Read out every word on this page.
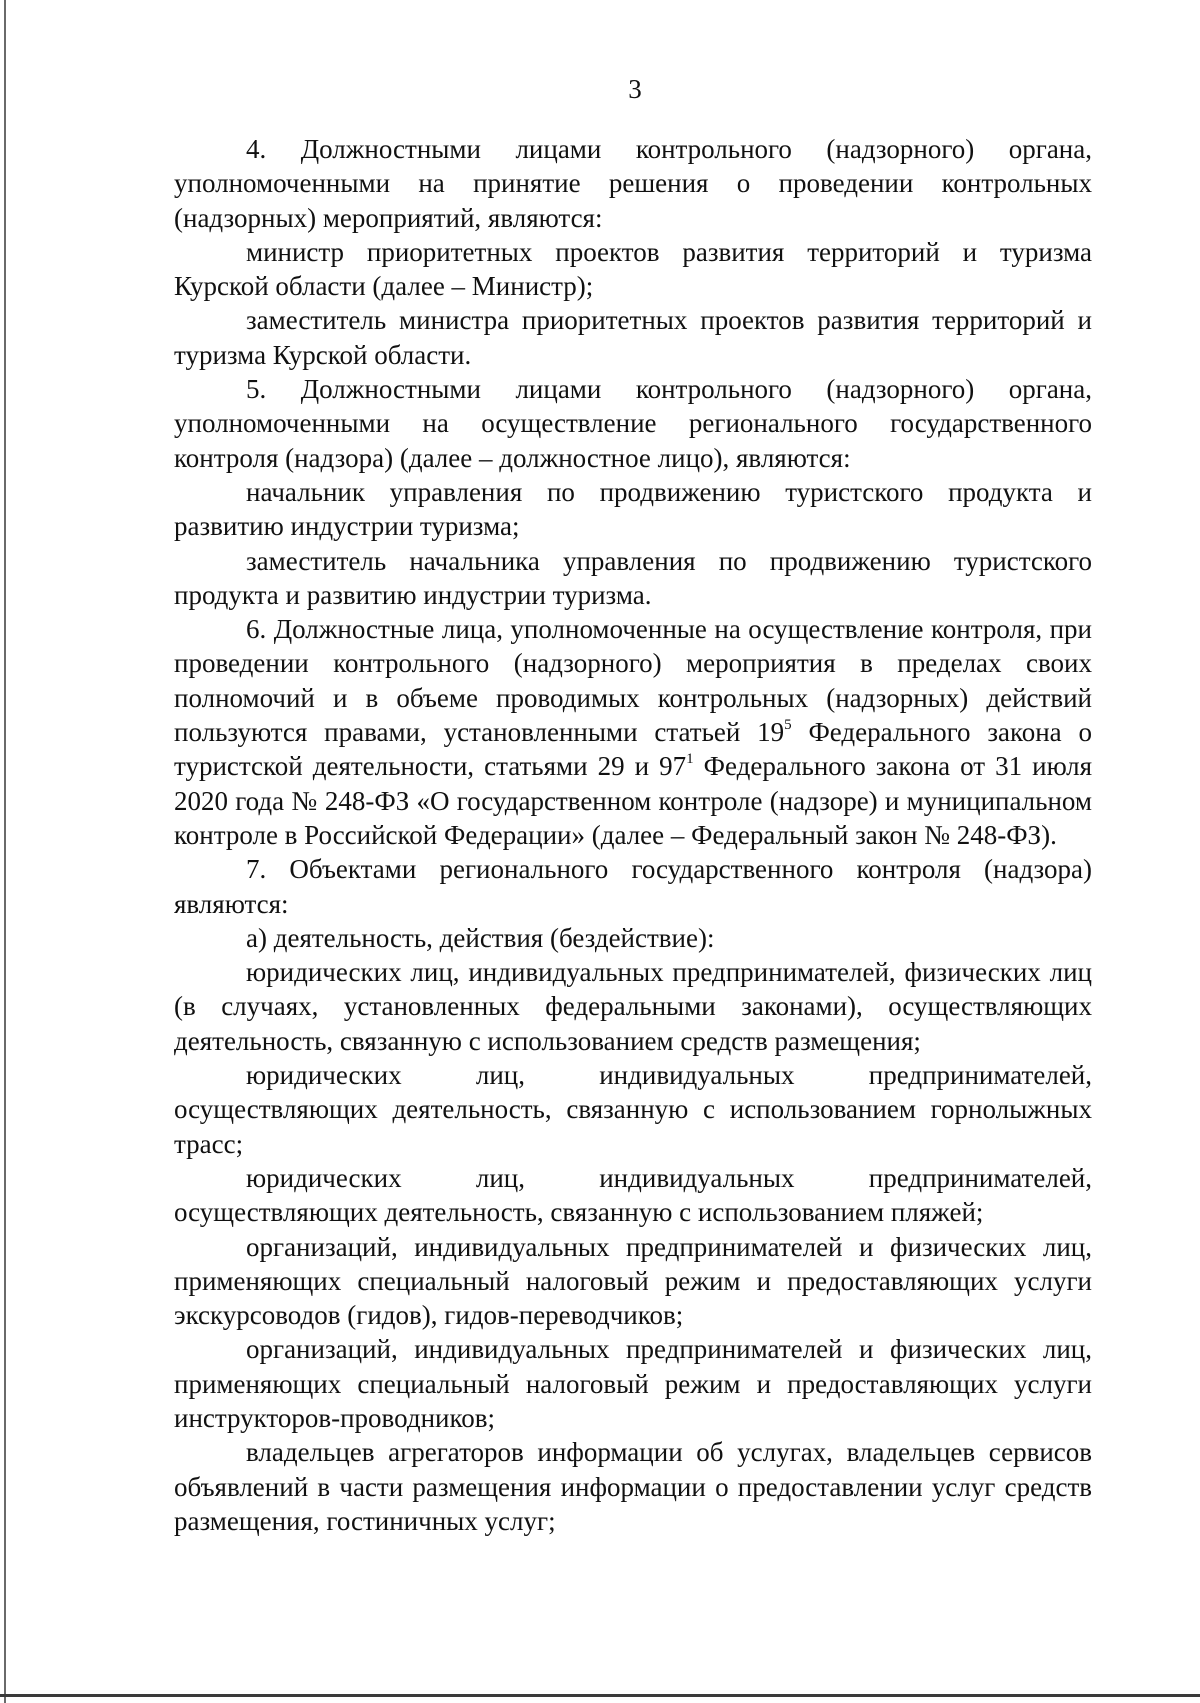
3

4. Должностными лицами контрольного (надзорного) органа, уполномоченными на принятие решения о проведении контрольных (надзорных) мероприятий, являются:

министр приоритетных проектов развития территорий и туризма Курской области (далее – Министр);

заместитель министра приоритетных проектов развития территорий и туризма Курской области.

5. Должностными лицами контрольного (надзорного) органа, уполномоченными на осуществление регионального государственного контроля (надзора) (далее – должностное лицо), являются:

начальник управления по продвижению туристского продукта и развитию индустрии туризма;

заместитель начальника управления по продвижению туристского продукта и развитию индустрии туризма.

6. Должностные лица, уполномоченные на осуществление контроля, при проведении контрольного (надзорного) мероприятия в пределах своих полномочий и в объеме проводимых контрольных (надзорных) действий пользуются правами, установленными статьей $19^5$ Федерального закона о туристской деятельности, статьями 29 и $97^1$ Федерального закона от 31 июля 2020 года № 248-ФЗ «О государственном контроле (надзоре) и муниципальном контроле в Российской Федерации» (далее – Федеральный закон № 248-ФЗ).

7. Объектами регионального государственного контроля (надзора) являются:

а) деятельность, действия (бездействие):

юридических лиц, индивидуальных предпринимателей, физических лиц (в случаях, установленных федеральными законами), осуществляющих деятельность, связанную с использованием средств размещения;

юридических лиц, индивидуальных предпринимателей, осуществляющих деятельность, связанную с использованием горнолыжных трасс;

юридических лиц, индивидуальных предпринимателей, осуществляющих деятельность, связанную с использованием пляжей;

организаций, индивидуальных предпринимателей и физических лиц, применяющих специальный налоговый режим и предоставляющих услуги экскурсоводов (гидов), гидов-переводчиков;

организаций, индивидуальных предпринимателей и физических лиц, применяющих специальный налоговый режим и предоставляющих услуги инструкторов-проводников;

владельцев агрегаторов информации об услугах, владельцев сервисов объявлений в части размещения информации о предоставлении услуг средств размещения, гостиничных услуг;
